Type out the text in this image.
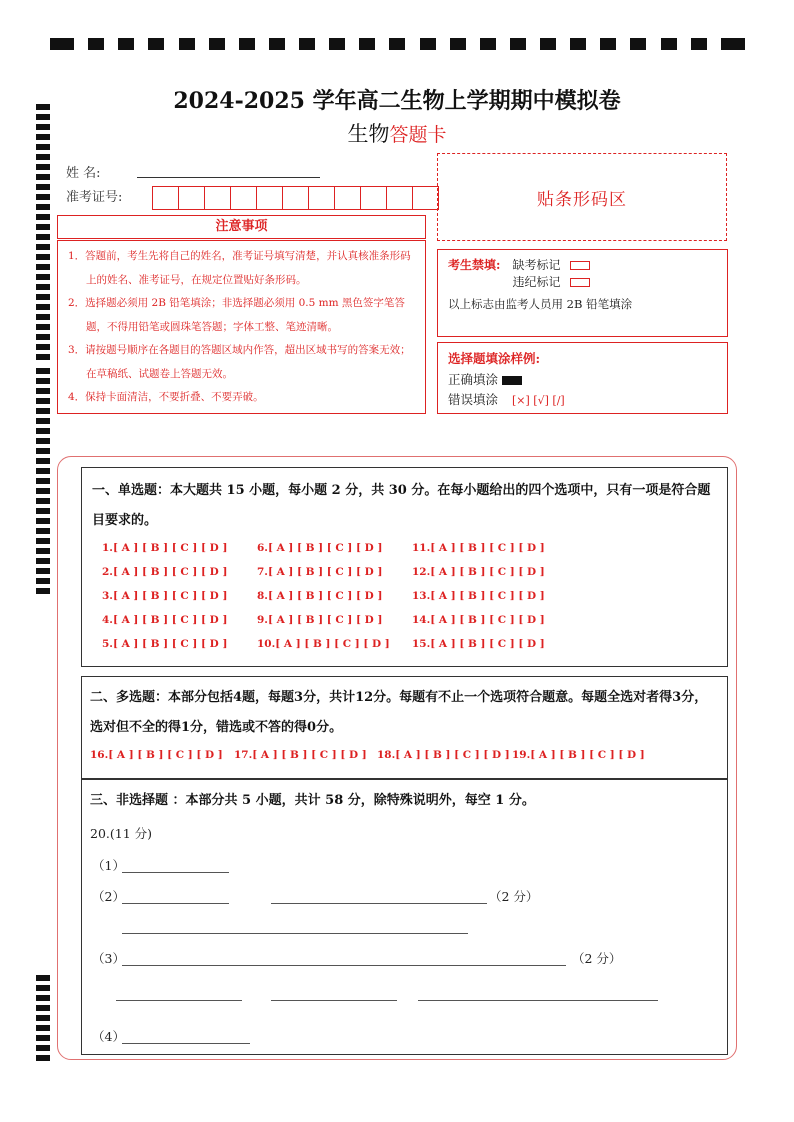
2024-2025 学年高二生物上学期期中模拟卷
生物答题卡
姓 名:
准考证号:	贴条形码区
注意事项
1．答题前，考生先将自己的姓名，准考证号填写清楚，并认真核准条形码上的姓名、准考证号，在规定位置贴好条形码。
2．选择题必须用 2B 铅笔填涂；非选择题必须用 0.5 mm 黑色签字笔答题，不得用铅笔或圆珠笔答题；字体工整、笔迹清晰。
3．请按题号顺序在各题目的答题区域内作答，超出区域书写的答案无效；在草稿纸、试题卷上答题无效。
4．保持卡面清洁，不要折叠、不要弄破。
考生禁填: 缺考标记
违纪标记
以上标志由监考人员用 2B 铅笔填涂
选择题填涂样例:
正确填涂
错误填涂 [×] [√] [/]
一、单选题：本大题共 15 小题，每小题 2 分，共 30 分。在每小题给出的四个选项中，只有一项是符合题目要求的。
1.[ A ] [ B ] [ C ] [ D ]
2.[ A ] [ B ] [ C ] [ D ]
3.[ A ] [ B ] [ C ] [ D ]
4.[ A ] [ B ] [ C ] [ D ]
5.[ A ] [ B ] [ C ] [ D ]
6.[ A ] [ B ] [ C ] [ D ]
7.[ A ] [ B ] [ C ] [ D ]
8.[ A ] [ B ] [ C ] [ D ]
9.[ A ] [ B ] [ C ] [ D ]
10.[ A ] [ B ] [ C ] [ D ]
11.[ A ] [ B ] [ C ] [ D ]
12.[ A ] [ B ] [ C ] [ D ]
13.[ A ] [ B ] [ C ] [ D ]
14.[ A ] [ B ] [ C ] [ D ]
15.[ A ] [ B ] [ C ] [ D ]
二、多选题：本部分包括4题，每题3分，共计12分。每题有不止一个选项符合题意。每题全选对者得3分，选对但不全的得1分，错选或不答的得0分。
16.[ A ] [ B ] [ C ] [ D ] 17.[ A ] [ B ] [ C ] [ D ] 18.[ A ] [ B ] [ C ] [ D ] 19.[ A ] [ B ] [ C ] [ D ]
三、非选择题 ：本部分共 5 小题，共计 58 分，除特殊说明外，每空 1 分。
20.(11 分)
（1）
（2）	（2 分）
（3）	（2 分）
（4）
